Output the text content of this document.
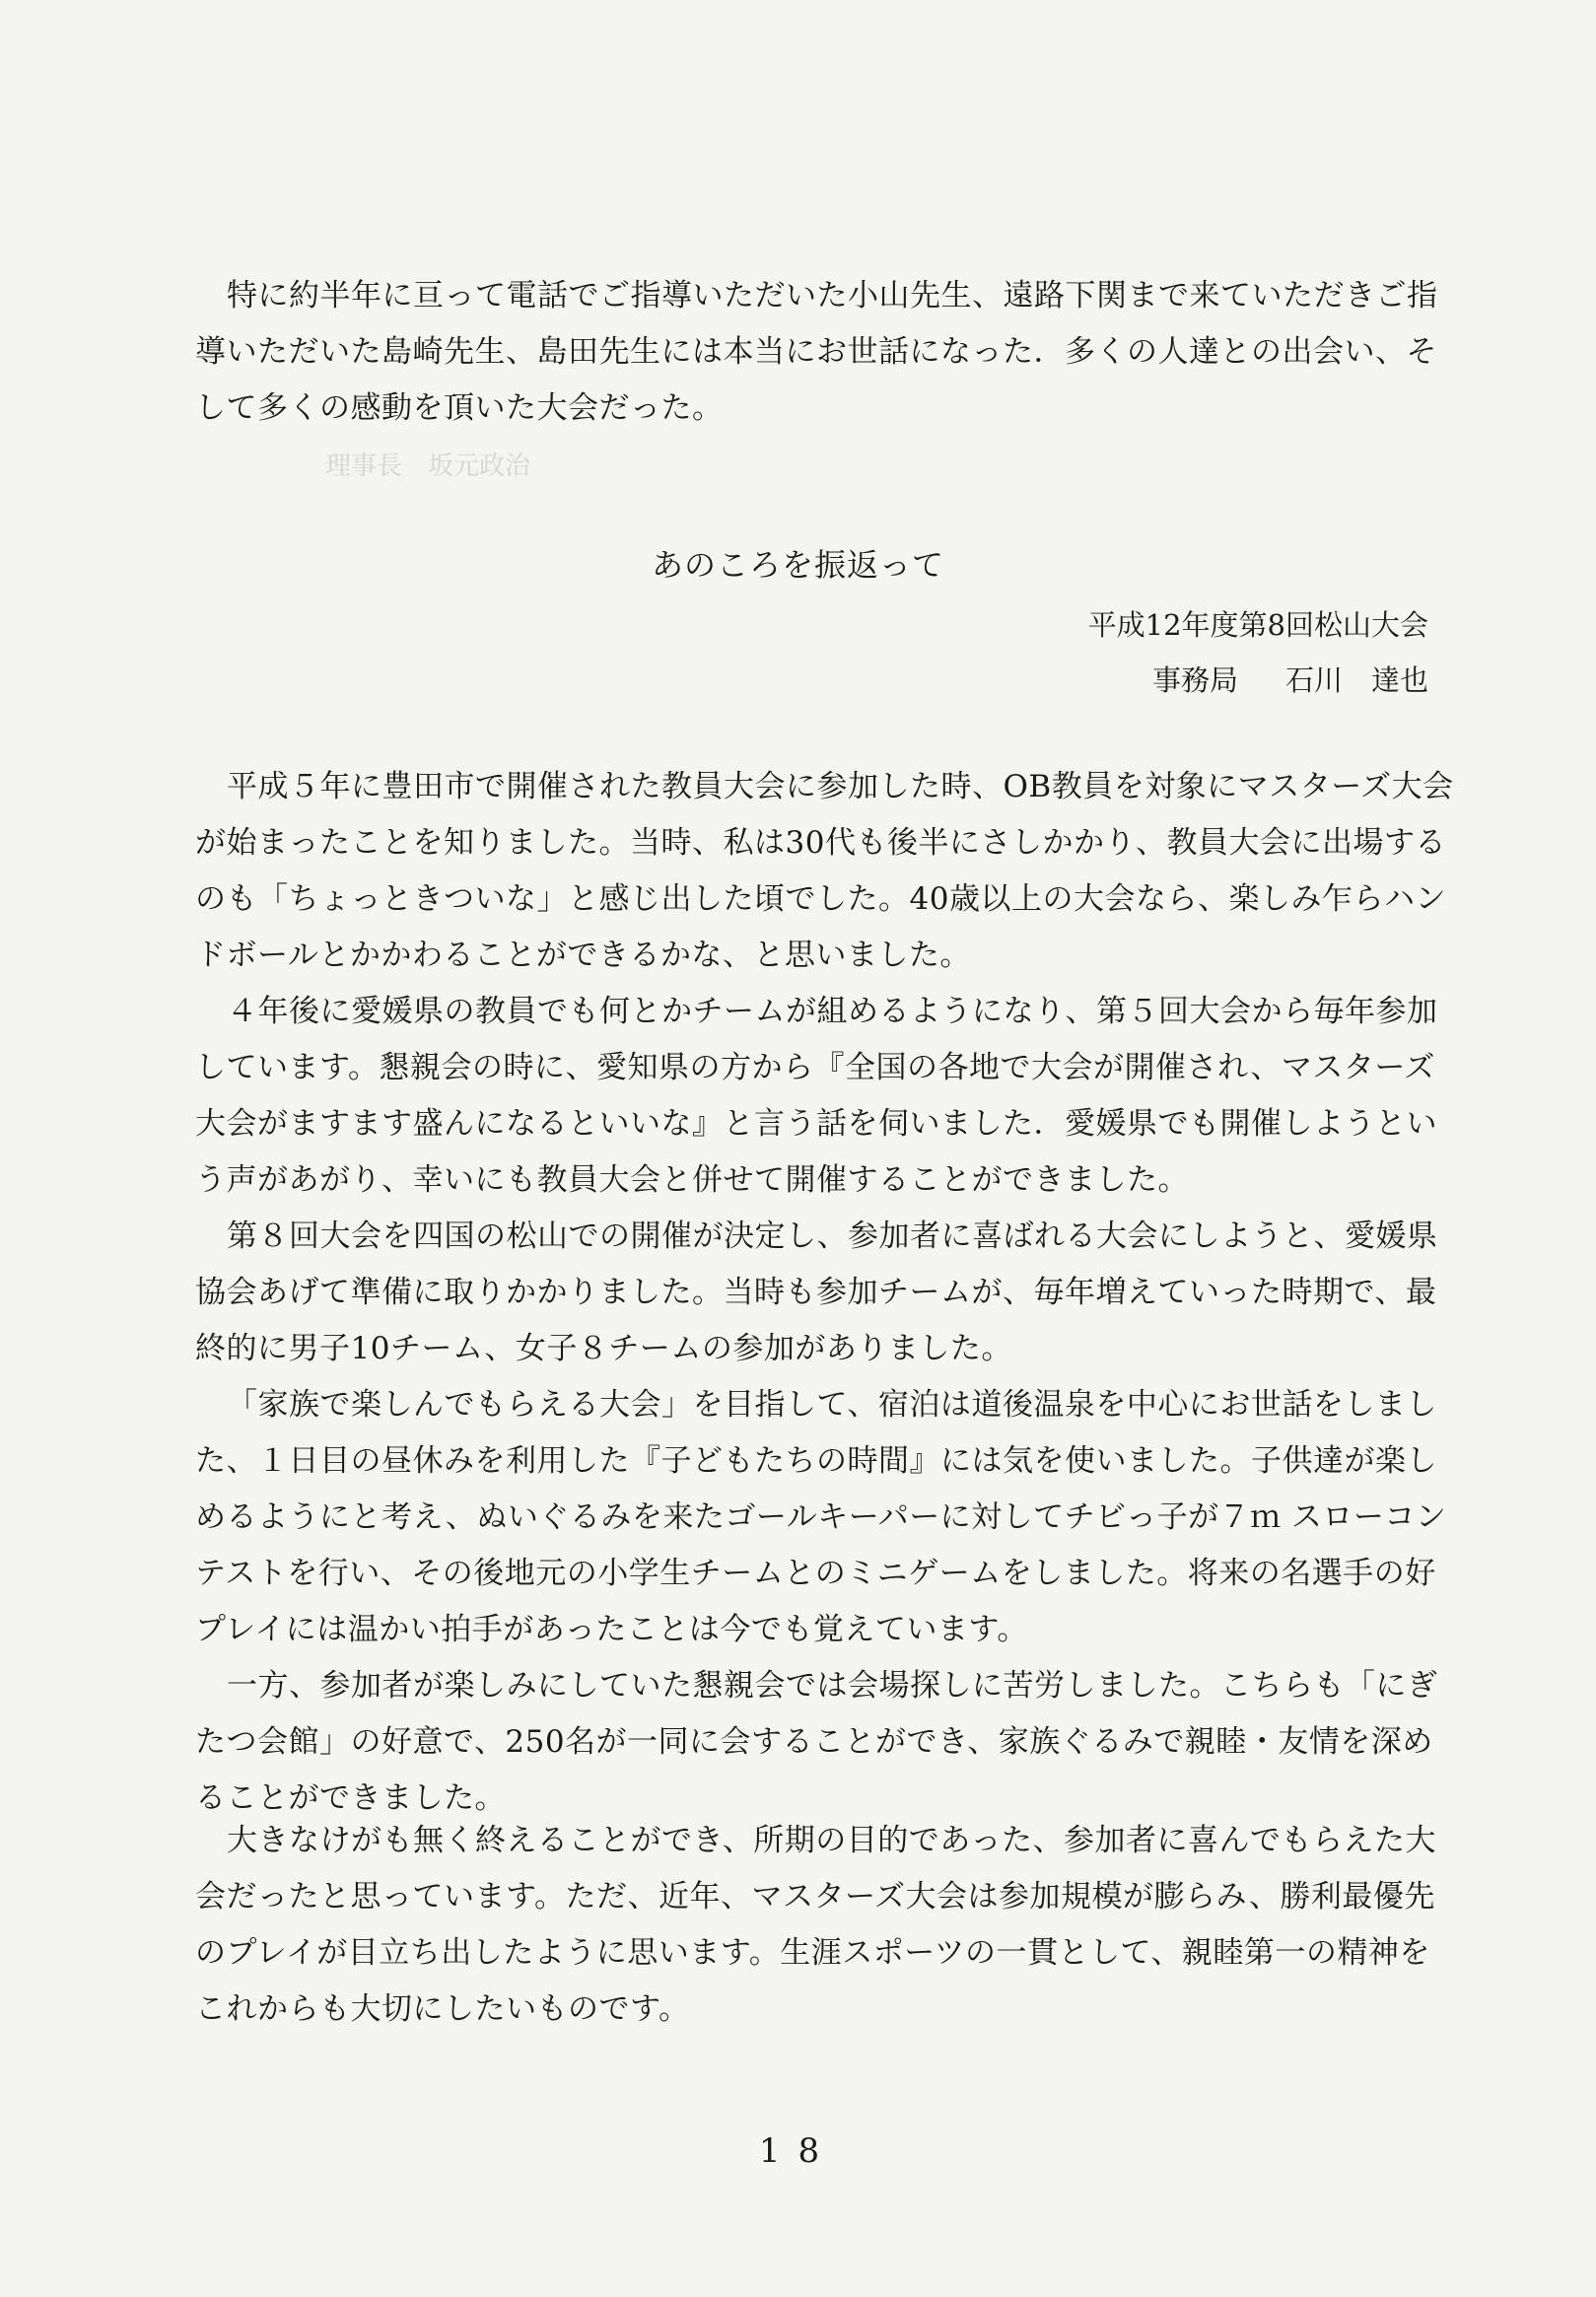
理事長　坂元政治

特に約半年に亘って電話でご指導いただいた小山先生、遠路下関まで来ていただきご指導いただいた島崎先生、島田先生には本当にお世話になった．多くの人達との出会い、そして多くの感動を頂いた大会だった。

あのころを振返って

平成12年度第8回松山大会

事務局 石川　達也

平成５年に豊田市で開催された教員大会に参加した時、OB教員を対象にマスターズ大会が始まったことを知りました。当時、私は30代も後半にさしかかり、教員大会に出場するのも「ちょっときついな」と感じ出した頃でした。40歳以上の大会なら、楽しみ乍らハンドボールとかかわることができるかな、と思いました。

４年後に愛媛県の教員でも何とかチームが組めるようになり、第５回大会から毎年参加しています。懇親会の時に、愛知県の方から『全国の各地で大会が開催され、マスターズ大会がますます盛んになるといいな』と言う話を伺いました．愛媛県でも開催しようという声があがり、幸いにも教員大会と併せて開催することができました。

第８回大会を四国の松山での開催が決定し、参加者に喜ばれる大会にしようと、愛媛県協会あげて準備に取りかかりました。当時も参加チームが、毎年増えていった時期で、最終的に男子10チーム、女子８チームの参加がありました。

「家族で楽しんでもらえる大会」を目指して、宿泊は道後温泉を中心にお世話をしました、１日目の昼休みを利用した『子どもたちの時間』には気を使いました。子供達が楽しめるようにと考え、ぬいぐるみを来たゴールキーパーに対してチビっ子が７ｍ スローコンテストを行い、その後地元の小学生チームとのミニゲームをしました。将来の名選手の好プレイには温かい拍手があったことは今でも覚えています。

一方、参加者が楽しみにしていた懇親会では会場探しに苦労しました。こちらも「にぎたつ会館」の好意で、250名が一同に会することができ、家族ぐるみで親睦・友情を深めることができました。

大きなけがも無く終えることができ、所期の目的であった、参加者に喜んでもらえた大会だったと思っています。ただ、近年、マスターズ大会は参加規模が膨らみ、勝利最優先のプレイが目立ち出したように思います。生涯スポーツの一貫として、親睦第一の精神をこれからも大切にしたいものです。

18
